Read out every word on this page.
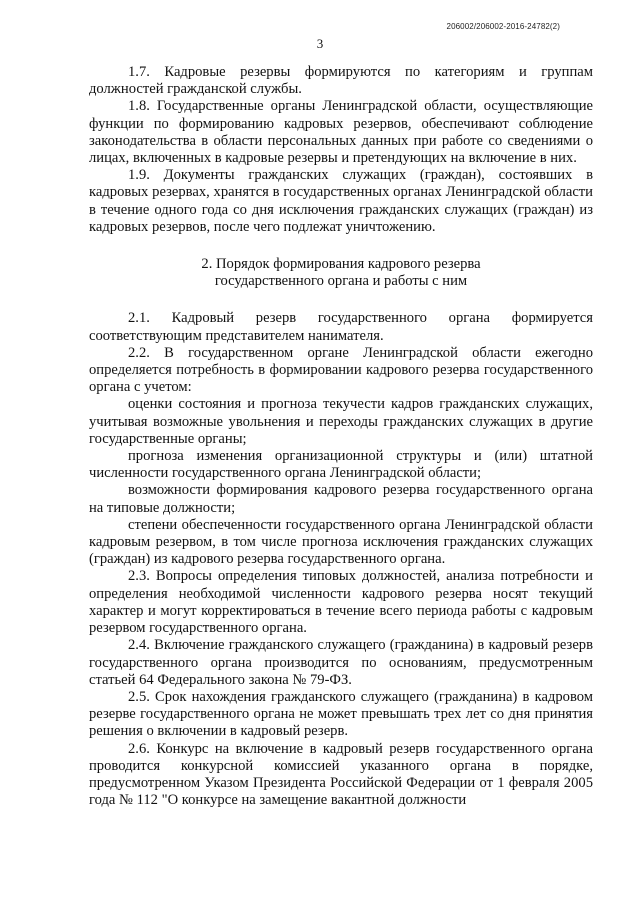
206002/206002-2016-24782(2)
3

1.7. Кадровые резервы формируются по категориям и группам должностей гражданской службы.

1.8. Государственные органы Ленинградской области, осуществляющие функции по формированию кадровых резервов, обеспечивают соблюдение законодательства в области персональных данных при работе со сведениями о лицах, включенных в кадровые резервы и претендующих на включение в них.

1.9. Документы гражданских служащих (граждан), состоявших в кадровых резервах, хранятся в государственных органах Ленинградской области в течение одного года со дня исключения гражданских служащих (граждан) из кадровых резервов, после чего подлежат уничтожению.

2. Порядок формирования кадрового резерва
государственного органа и работы с ним

2.1. Кадровый резерв государственного органа формируется соответствующим представителем нанимателя.

2.2. В государственном органе Ленинградской области ежегодно определяется потребность в формировании кадрового резерва государственного органа с учетом:

оценки состояния и прогноза текучести кадров гражданских служащих, учитывая возможные увольнения и переходы гражданских служащих в другие государственные органы;

прогноза изменения организационной структуры и (или) штатной численности государственного органа Ленинградской области;

возможности формирования кадрового резерва государственного органа на типовые должности;

степени обеспеченности государственного органа Ленинградской области кадровым резервом, в том числе прогноза исключения гражданских служащих (граждан) из кадрового резерва государственного органа.

2.3. Вопросы определения типовых должностей, анализа потребности и определения необходимой численности кадрового резерва носят текущий характер и могут корректироваться в течение всего периода работы с кадровым резервом государственного органа.

2.4. Включение гражданского служащего (гражданина) в кадровый резерв государственного органа производится по основаниям, предусмотренным статьей 64 Федерального закона № 79-ФЗ.

2.5. Срок нахождения гражданского служащего (гражданина) в кадровом резерве государственного органа не может превышать трех лет со дня принятия решения о включении в кадровый резерв.

2.6. Конкурс на включение в кадровый резерв государственного органа проводится конкурсной комиссией указанного органа в порядке, предусмотренном Указом Президента Российской Федерации от 1 февраля 2005 года № 112 "О конкурсе на замещение вакантной должности
